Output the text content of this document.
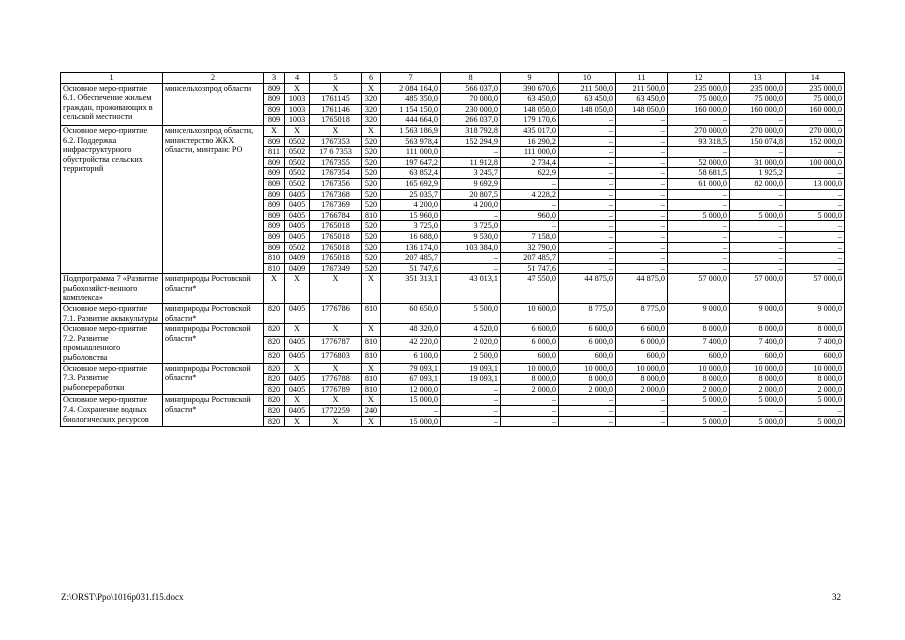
1	2	3	4	5	6	7	8	9	10	11	12	13	14
Основное меро-приятие 6.1. Обеспечение жильем граждан, проживающих в сельской местности	минсельхозпрод области	809	X	X	X	2 084 164,0	566 037,0	390 670,6	211 500,0	211 500,0	235 000,0	235 000,0	235 000,0
		809	1003	1761145	320	485 350,0	70 000,0	63 450,0	63 450,0	63 450,0	75 000,0	75 000,0	75 000,0
		809	1003	1761146	320	1 154 150,0	230 000,0	148 050,0	148 050,0	148 050,0	160 000,0	160 000,0	160 000,0
		809	1003	1765018	320	444 664,0	266 037,0	179 170,6	–	–	–	–	–
Основное меро-приятие 6.2. Поддержка инфраструктурного обустройства сельских территорий	минсельхозпрод области, министерство ЖКХ области, минтранс РО	X	X	X	X	1 563 186,9	318 792,8	435 017,0	–	–	270 000,0	270 000,0	270 000,0
		809	0502	1767353	520	563 978,4	152 294,9	16 290,2	–	–	93 318,5	150 074,8	152 000,0
		811	0502	17 6 7353	520	111 000,0	–	111 000,0	–	–	–	–	–
		809	0502	1767355	520	197 647,2	11 912,8	2 734,4	–	–	52 000,0	31 000,0	100 000,0
		809	0502	1767354	520	63 852,4	3 245,7	622,9	–	–	58 681,5	1 925,2	–
		809	0502	1767356	520	165 692,9	9 692,9	–	–	–	61 000,0	82 000,0	13 000,0
		809	0405	1767368	520	25 035,7	20 807,5	4 228,2	–	–	–	–	–
		809	0405	1767369	520	4 200,0	4 200,0	–	–	–	–	–	–
		809	0405	1766784	810	15 960,0	–	960,0	–	–	5 000,0	5 000,0	5 000,0
		809	0405	1765018	520	3 725,0	3 725,0	–	–	–	–	–	–
		809	0405	1765018	520	16 688,0	9 530,0	7 158,0	–	–	–	–	–
		809	0502	1765018	520	136 174,0	103 384,0	32 790,0	–	–	–	–	–
		810	0409	1765018	520	207 485,7	–	207 485,7	–	–	–	–	–
		810	0409	1767349	520	51 747,6	–	51 747,6	–	–	–	–	–
Подпрограмма 7 «Развитие рыбохозяйст-венного комплекса»	минприроды Ростовской области*	X	X	X	X	351 313,1	43 013,1	47 550,0	44 875,0	44 875,0	57 000,0	57 000,0	57 000,0
Основное меро-приятие 7.1. Развитие аквакультуры	минприроды Ростовской области*	820	0405	1776786	810	60 650,0	5 500,0	10 600,0	8 775,0	8 775,0	9 000,0	9 000,0	9 000,0
Основное меро-приятие 7.2. Развитие промышленного рыболовства	минприроды Ростовской области*	820	X	X	X	48 320,0	4 520,0	6 600,0	6 600,0	6 600,0	8 000,0	8 000,0	8 000,0
		820	0405	1776787	810	42 220,0	2 020,0	6 000,0	6 000,0	6 000,0	7 400,0	7 400,0	7 400,0
		820	0405	1776803	810	6 100,0	2 500,0	600,0	600,0	600,0	600,0	600,0	600,0
Основное меро-приятие 7.3. Развитие рыбопереработки	минприроды Ростовской области*	820	X	X	X	79 093,1	19 093,1	10 000,0	10 000,0	10 000,0	10 000,0	10 000,0	10 000,0
		820	0405	1776788	810	67 093,1	19 093,1	8 000,0	8 000,0	8 000,0	8 000,0	8 000,0	8 000,0
		820	0405	1776789	810	12 000,0	–	2 000,0	2 000,0	2 000,0	2 000,0	2 000,0	2 000,0
Основное меро-приятие 7.4. Сохранение водных биологических ресурсов	минприроды Ростовской области*	820	X	X	X	15 000,0	–	–	–	–	5 000,0	5 000,0	5 000,0
		820	0405	1772259	240	–	–	–	–	–	–	–	–
		820	X	X	X	15 000,0	–	–	–	–	5 000,0	5 000,0	5 000,0
Z:\ORST\Ppo\1016p031.f15.docx	32
